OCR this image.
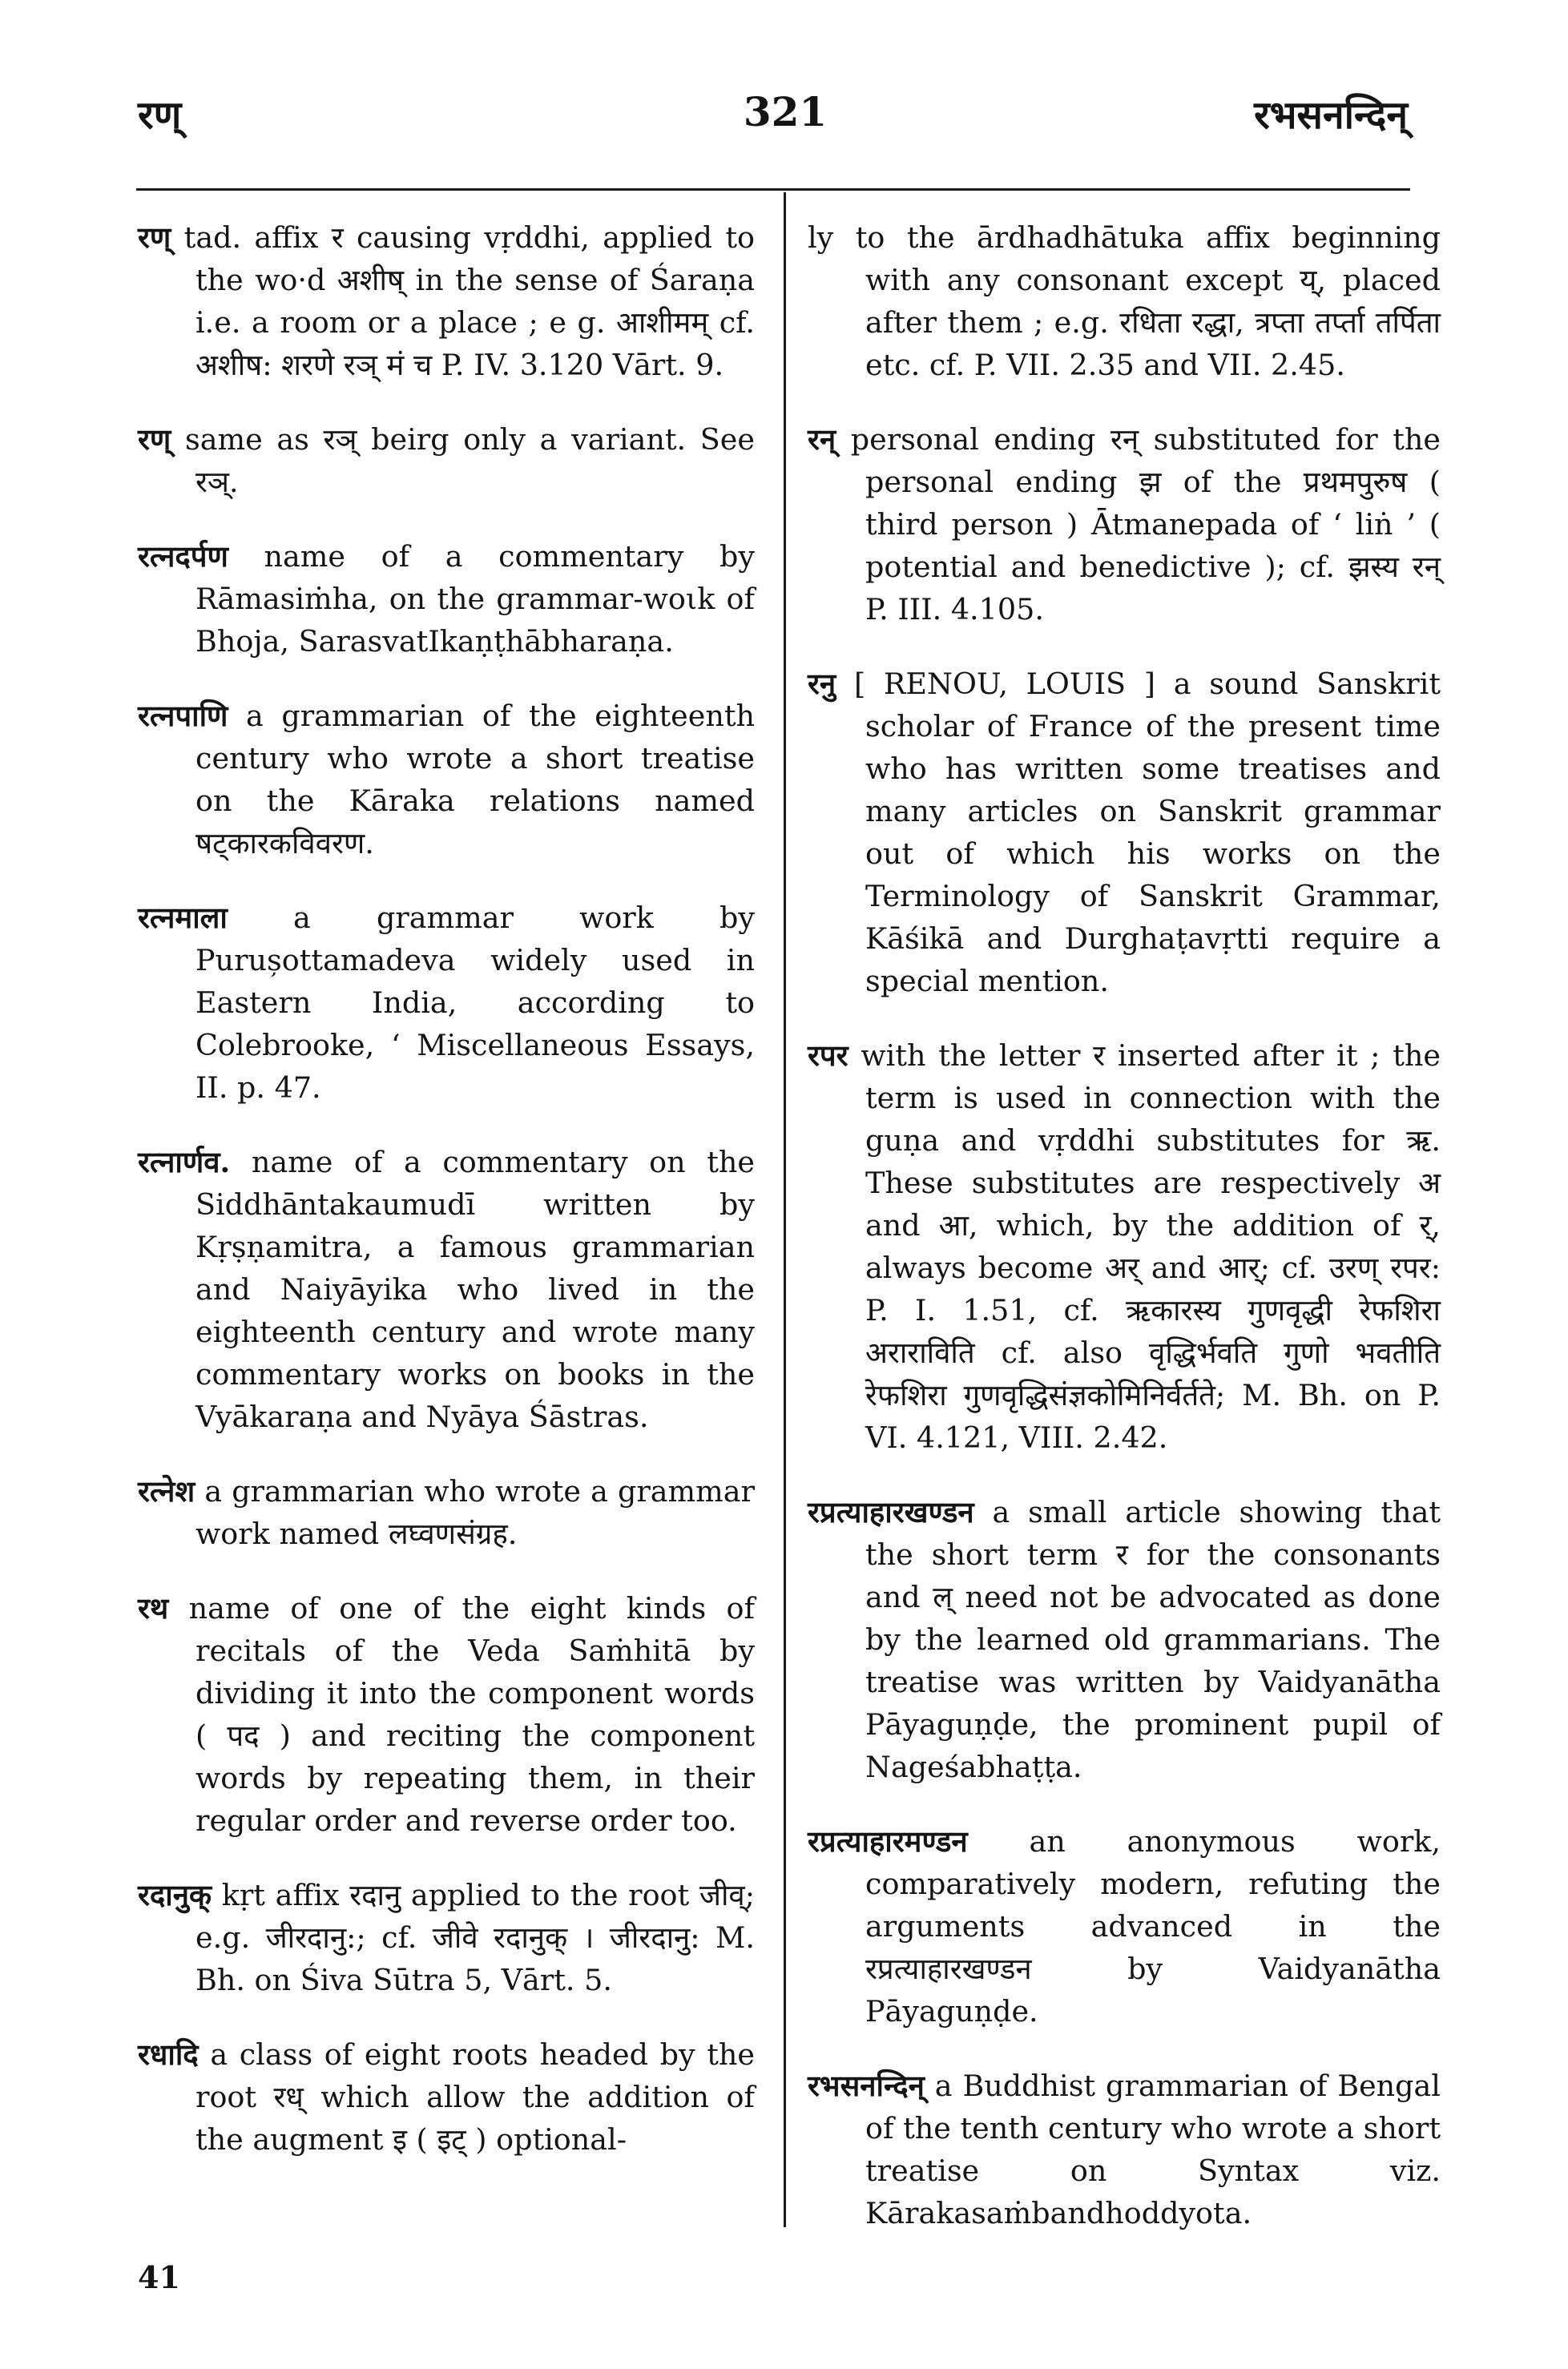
रण्	321	रभसनन्दिन्

रण् tad. affix र causing vṛddhi, applied to the wo·d अशीष् in the sense of Śaraṇa i.e. a room or a place ; e g. आशीमम् cf. अशीष: शरणे रञ् मं च P. IV. 3.120 Vārt. 9.

रण् same as रञ् beirg only a variant. See रञ्.

रत्नदर्पण name of a commentary by Rāmasiṁha, on the grammar-woιk of Bhoja, SarasvatIkaṇṭhābharaṇa.

रत्नपाणि a grammarian of the eighteenth century who wrote a short treatise on the Kāraka relations named षट्कारकविवरण.

रत्नमाला a grammar work by Purușottamadeva widely used in Eastern India, according to Colebrooke, ‘ Miscellaneous Essays, II. p. 47.

रत्नार्णव. name of a commentary on the Siddhāntakaumudī written by Kṛṣṇamitra, a famous grammarian and Naiyāyika who lived in the eighteenth century and wrote many commentary works on books in the Vyākaraṇa and Nyāya Śāstras.

रत्नेश a grammarian who wrote a grammar work named लघ्वणसंग्रह.

रथ name of one of the eight kinds of recitals of the Veda Saṁhitā by dividing it into the component words ( पद ) and reciting the component words by repeating them, in their regular order and reverse order too.

रदानुक् kṛt affix रदानु applied to the root जीव्; e.g. जीरदानु:; cf. जीवे रदानुक् । जीरदानु: M. Bh. on Śiva Sūtra 5, Vārt. 5.

रधादि a class of eight roots headed by the root रध् which allow the addition of the augment इ ( इट् ) optional-

ly to the ārdhadhātuka affix beginning with any consonant except य्, placed after them ; e.g. रधिता रद्धा, त्रप्ता तर्प्ता तर्पिता etc. cf. P. VII. 2.35 and VII. 2.45.

रन् personal ending रन् substituted for the personal ending झ of the प्रथमपुरुष ( third person ) Ātmanepada of ‘ liṅ ’ ( potential and benedictive ); cf. झस्य रन् P. III. 4.105.

रनु [ RENOU, LOUIS ] a sound Sanskrit scholar of France of the present time who has written some treatises and many articles on Sanskrit grammar out of which his works on the Terminology of Sanskrit Grammar, Kāśikā and Durghaṭavṛtti require a special mention.

रपर with the letter र inserted after it ; the term is used in connection with the guṇa and vṛddhi substitutes for ऋ. These substitutes are respectively अ and आ, which, by the addition of र्, always become अर् and आर्; cf. उरण् रपर: P. I. 1.51, cf. ऋकारस्य गुणवृद्धी रेफशिरा अराराविति cf. also वृद्धिर्भवति गुणो भवतीति रेफशिरा गुणवृद्धिसंज्ञकोमिनिर्वर्तते; M. Bh. on P. VI. 4.121, VIII. 2.42.

रप्रत्याहारखण्डन a small article showing that the short term र for the consonants and ल् need not be advocated as done by the learned old grammarians. The treatise was written by Vaidyanātha Pāyaguṇḍe, the prominent pupil of Nageśabhaṭṭa.

रप्रत्याहारमण्डन an anonymous work, comparatively modern, refuting the arguments advanced in the रप्रत्याहारखण्डन by Vaidyanātha Pāyaguṇḍe.

रभसनन्दिन् a Buddhist grammarian of Bengal of the tenth century who wrote a short treatise on Syntax viz. Kārakasaṁbandhoddyota.

41
